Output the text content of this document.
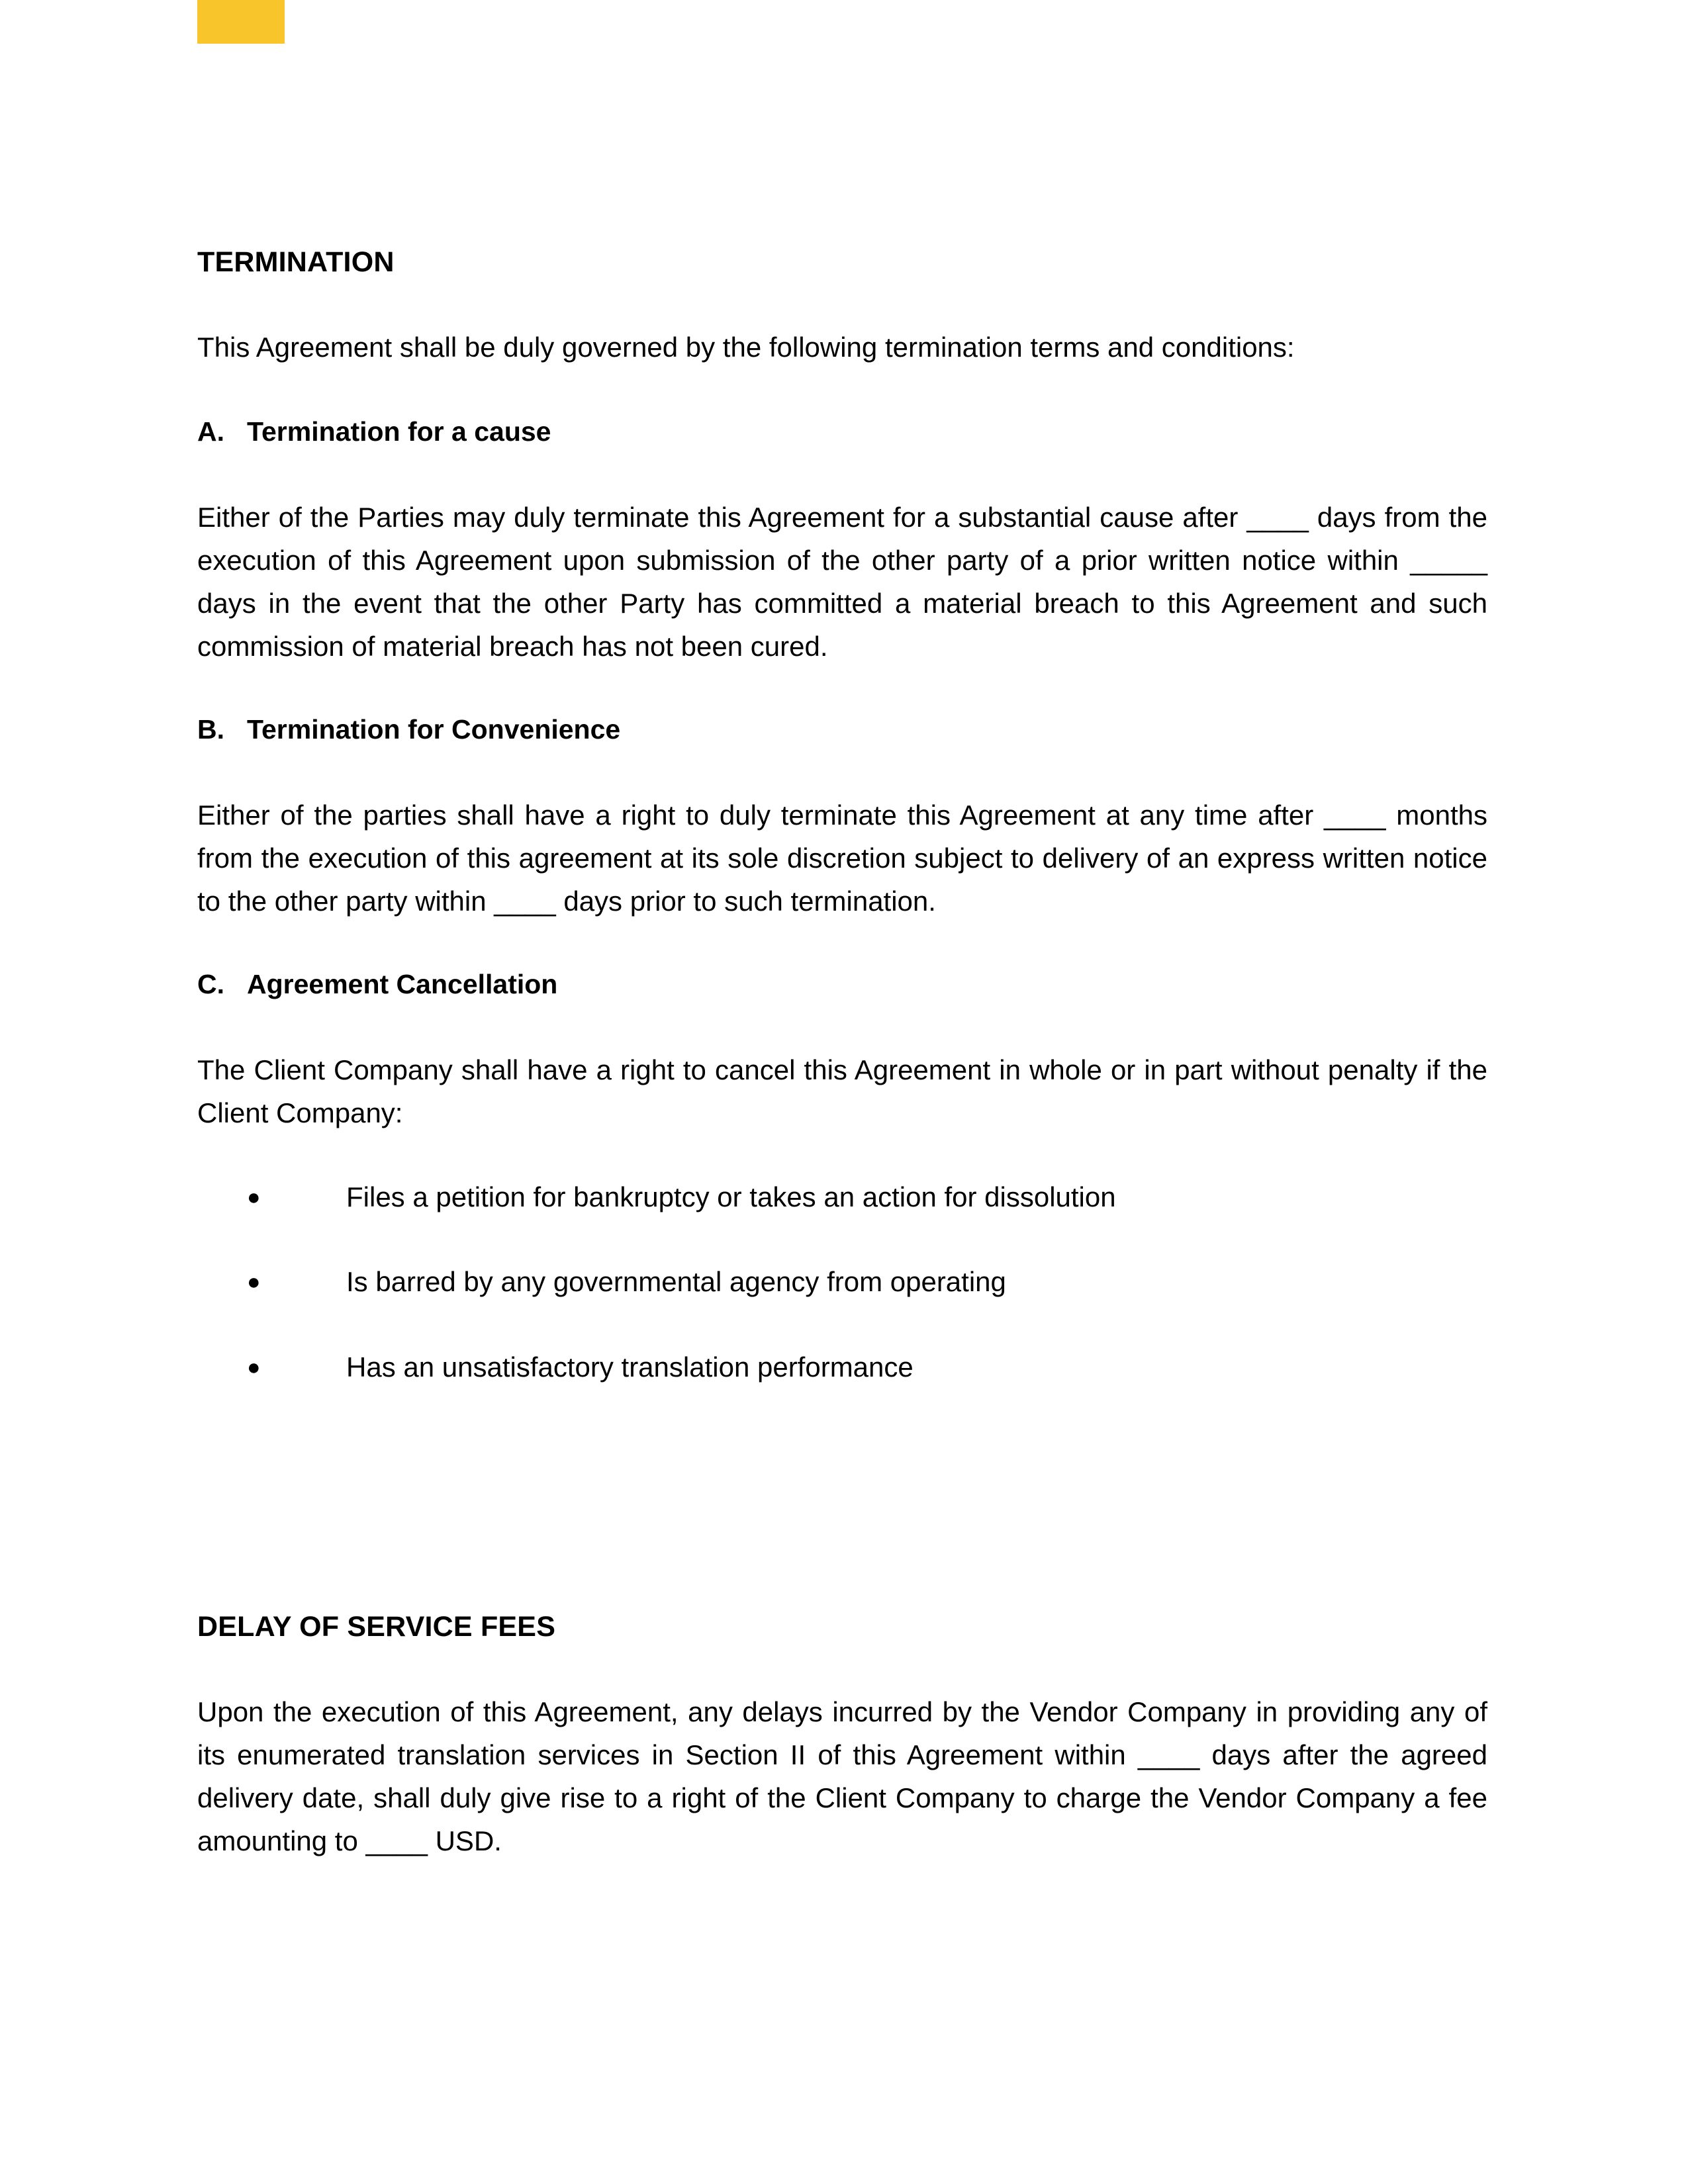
TERMINATION
This Agreement shall be duly governed by the following termination terms and conditions:
A. Termination for a cause
Either of the Parties may duly terminate this Agreement for a substantial cause after ____ days from the execution of this Agreement upon submission of the other party of a prior written notice within _____ days in the event that the other Party has committed a material breach to this Agreement and such commission of material breach has not been cured.
B. Termination for Convenience
Either of the parties shall have a right to duly terminate this Agreement at any time after ____ months from the execution of this agreement at its sole discretion subject to delivery of an express written notice to the other party within ____ days prior to such termination.
C. Agreement Cancellation
The Client Company shall have a right to cancel this Agreement in whole or in part without penalty if the Client Company:
●	Files a petition for bankruptcy or takes an action for dissolution
●	Is barred by any governmental agency from operating
●	Has an unsatisfactory translation performance
DELAY OF SERVICE FEES
Upon the execution of this Agreement, any delays incurred by the Vendor Company in providing any of its enumerated translation services in Section II of this Agreement within ____ days after the agreed delivery date, shall duly give rise to a right of the Client Company to charge the Vendor Company a fee amounting to ____ USD.
